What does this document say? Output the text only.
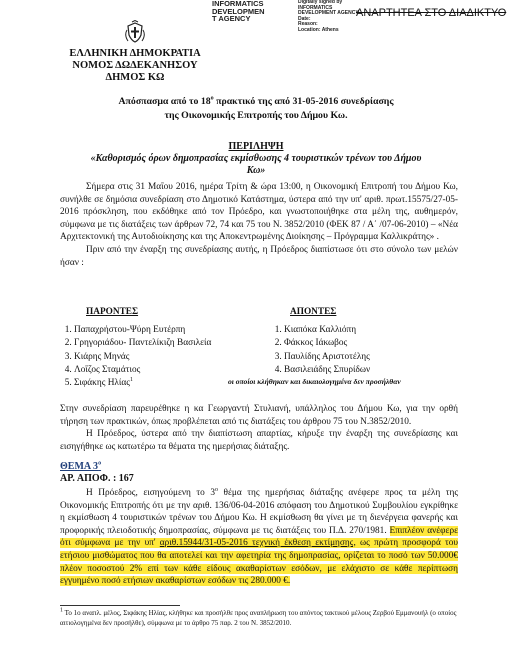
INFORMATICS
DEVELOPMEN
T AGENCY
Digitally signed by
INFORMATICS
DEVELOPMENT AGENCY
Date:
Reason:
Location: Athens
ΑΝΑΡΤΗΤΕΑ ΣΤΟ ΔΙΑΔΙΚΤΥΟ
ΕΛΛΗΝΙΚΗ ΔΗΜΟΚΡΑΤΙΑ
ΝΟΜΟΣ ΔΩΔΕΚΑΝΗΣΟΥ
ΔΗΜΟΣ ΚΩ
Απόσπασμα από το $18^o$ πρακτικό της από 31-05-2016 συνεδρίασης
της Οικονομικής Επιτροπής του Δήμου Κω.
ΠΕΡΙΛΗΨΗ
«Καθορισμός όρων δημοπρασίας εκμίσθωσης 4 τουριστικών τρένων του Δήμου
Κω»

Σήμερα στις 31 Μαΐου 2016, ημέρα Τρίτη & ώρα 13:00, η Οικονομική Επιτροπή του Δήμου Κω, συνήλθε σε δημόσια συνεδρίαση στο Δημοτικό Κατάστημα, ύστερα από την υπ' αριθ. πρωτ.15575/27-05-2016 πρόσκληση, που εκδόθηκε από τον Πρόεδρο, και γνωστοποιήθηκε στα μέλη της, αυθημερόν, σύμφωνα με τις διατάξεις των άρθρων 72, 74 και 75 του Ν. 3852/2010 (ΦΕΚ 87 / Α΄ /07-06-2010) – «Νέα Αρχιτεκτονική της Αυτοδιοίκησης και της Αποκεντρωμένης Διοίκησης – Πρόγραμμα Καλλικράτης» .

Πριν από την έναρξη της συνεδρίασης αυτής, η Πρόεδρος διαπίστωσε ότι στο σύνολο των μελών ήσαν :

ΠΑΡΟΝΤΕΣ	ΑΠΟΝΤΕΣ
1. Παπαχρήστου-Ψύρη Ευτέρπη
2. Γρηγοριάδου- Παντελίκιζη Βασιλεία
3. Κιάρης Μηνάς
4. Λοΐζος Σταμάτιος
5. Σιφάκης Ηλίας$^1$
1. Κιαπόκα Καλλιόπη
2. Φάκκος Ιάκωβος
3. Παυλίδης Αριστοτέλης
4. Βασιλειάδης Σπυρίδων
οι οποίοι κλήθηκαν και δικαιολογημένα δεν προσήλθαν

Στην συνεδρίαση παρευρέθηκε η κα Γεωργαντή Στυλιανή, υπάλληλος του Δήμου Κω, για την ορθή τήρηση των πρακτικών, όπως προβλέπεται από τις διατάξεις του άρθρου 75 του Ν.3852/2010.

Η Πρόεδρος, ύστερα από την διαπίστωση απαρτίας, κήρυξε την έναρξη της συνεδρίασης και εισηγήθηκε ως κατωτέρω τα θέματα της ημερήσιας διάταξης.

ΘΕΜΑ $3^o$
ΑΡ. ΑΠΟΦ. : 167

Η Πρόεδρος, εισηγούμενη το $3^o$ θέμα της ημερήσιας διάταξης ανέφερε προς τα μέλη της Οικονομικής Επιτροπής ότι με την αριθ. 136/06-04-2016 απόφαση του Δημοτικού Συμβουλίου εγκρίθηκε η εκμίσθωση 4 τουριστικών τρένων του Δήμου Κω. Η εκμίσθωση θα γίνει με τη διενέργεια φανερής και προφορικής πλειοδοτικής δημοπρασίας, σύμφωνα με τις διατάξεις του Π.Δ. 270/1981. Επιπλέον ανέφερε ότι σύμφωνα με την υπ' αριθ.15944/31-05-2016 τεχνική έκθεση εκτίμησης, ως πρώτη προσφορά του ετήσιου μισθώματος που θα αποτελεί και την αφετηρία της δημοπρασίας, ορίζεται το ποσό των 50.000€ πλέον ποσοστού 2% επί των κάθε είδους ακαθαρίστων εσόδων, με ελάχιστο σε κάθε περίπτωση εγγυημένο ποσό ετήσιων ακαθαρίστων εσόδων τις 280.000 €.

$^1$ Το 1ο αναπλ. μέλος, Σιφάκης Ηλίας, κλήθηκε και προσήλθε προς αναπλήρωση του απόντος τακτικού μέλους Ζερβού Εμμανουήλ (ο οποίος αιτιολογημένα δεν προσήλθε), σύμφωνα με το άρθρο 75 παρ. 2 του Ν. 3852/2010.
